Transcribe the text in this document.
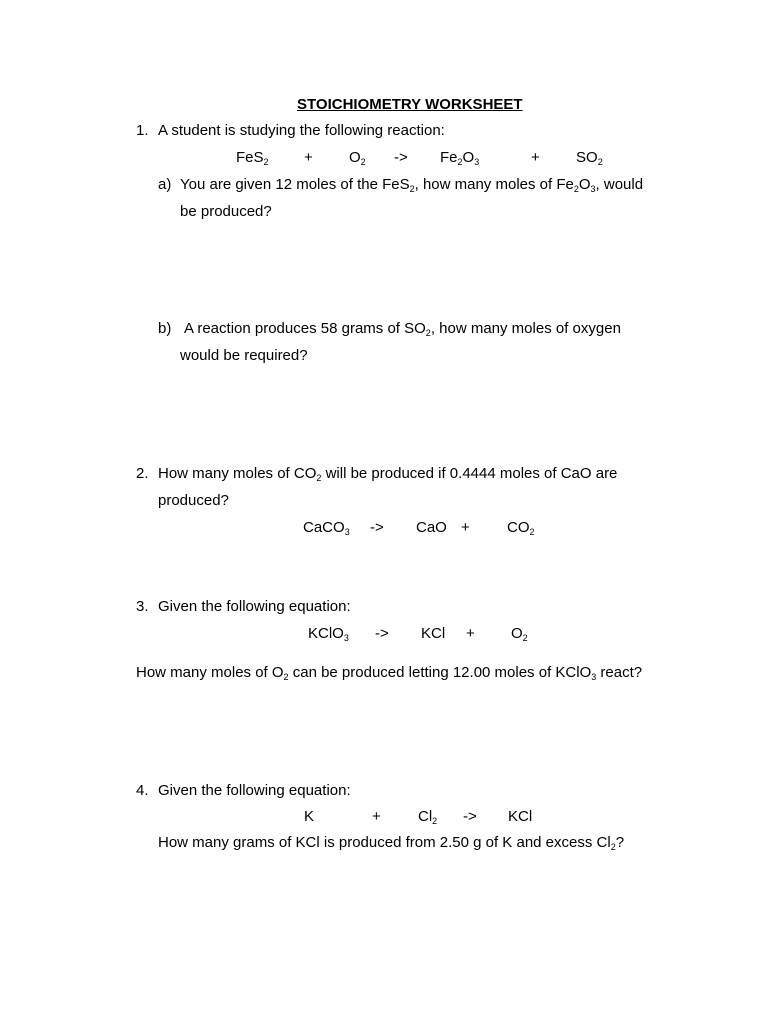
STOICHIOMETRY WORKSHEET
1. A student is studying the following reaction:
$FeS_2 + O_2 -> Fe_2O_3$	+ $SO_2$
a) You are given 12 moles of the FeS$_2$, how many moles of $Fe_2O_3$, would
be produced?
b) A reaction produces 58 grams of $SO_2$, how many moles of oxygen
would be required?
2. How many moles of $CO_2$ will be produced if 0.4444 moles of CaO are
produced?
CaCO$_3$ -> CaO + $CO_2$
3. Given the following equation:
KClO$_3$ -> KCl + $O_2$
How many moles of $O_2$ can be produced letting 12.00 moles of KClO$_3$ react?
4. Given the following equation:
K	+ $Cl_2$ -> KCl
How many grams of KCl is produced from 2.50 g of K and excess $Cl_2$?
